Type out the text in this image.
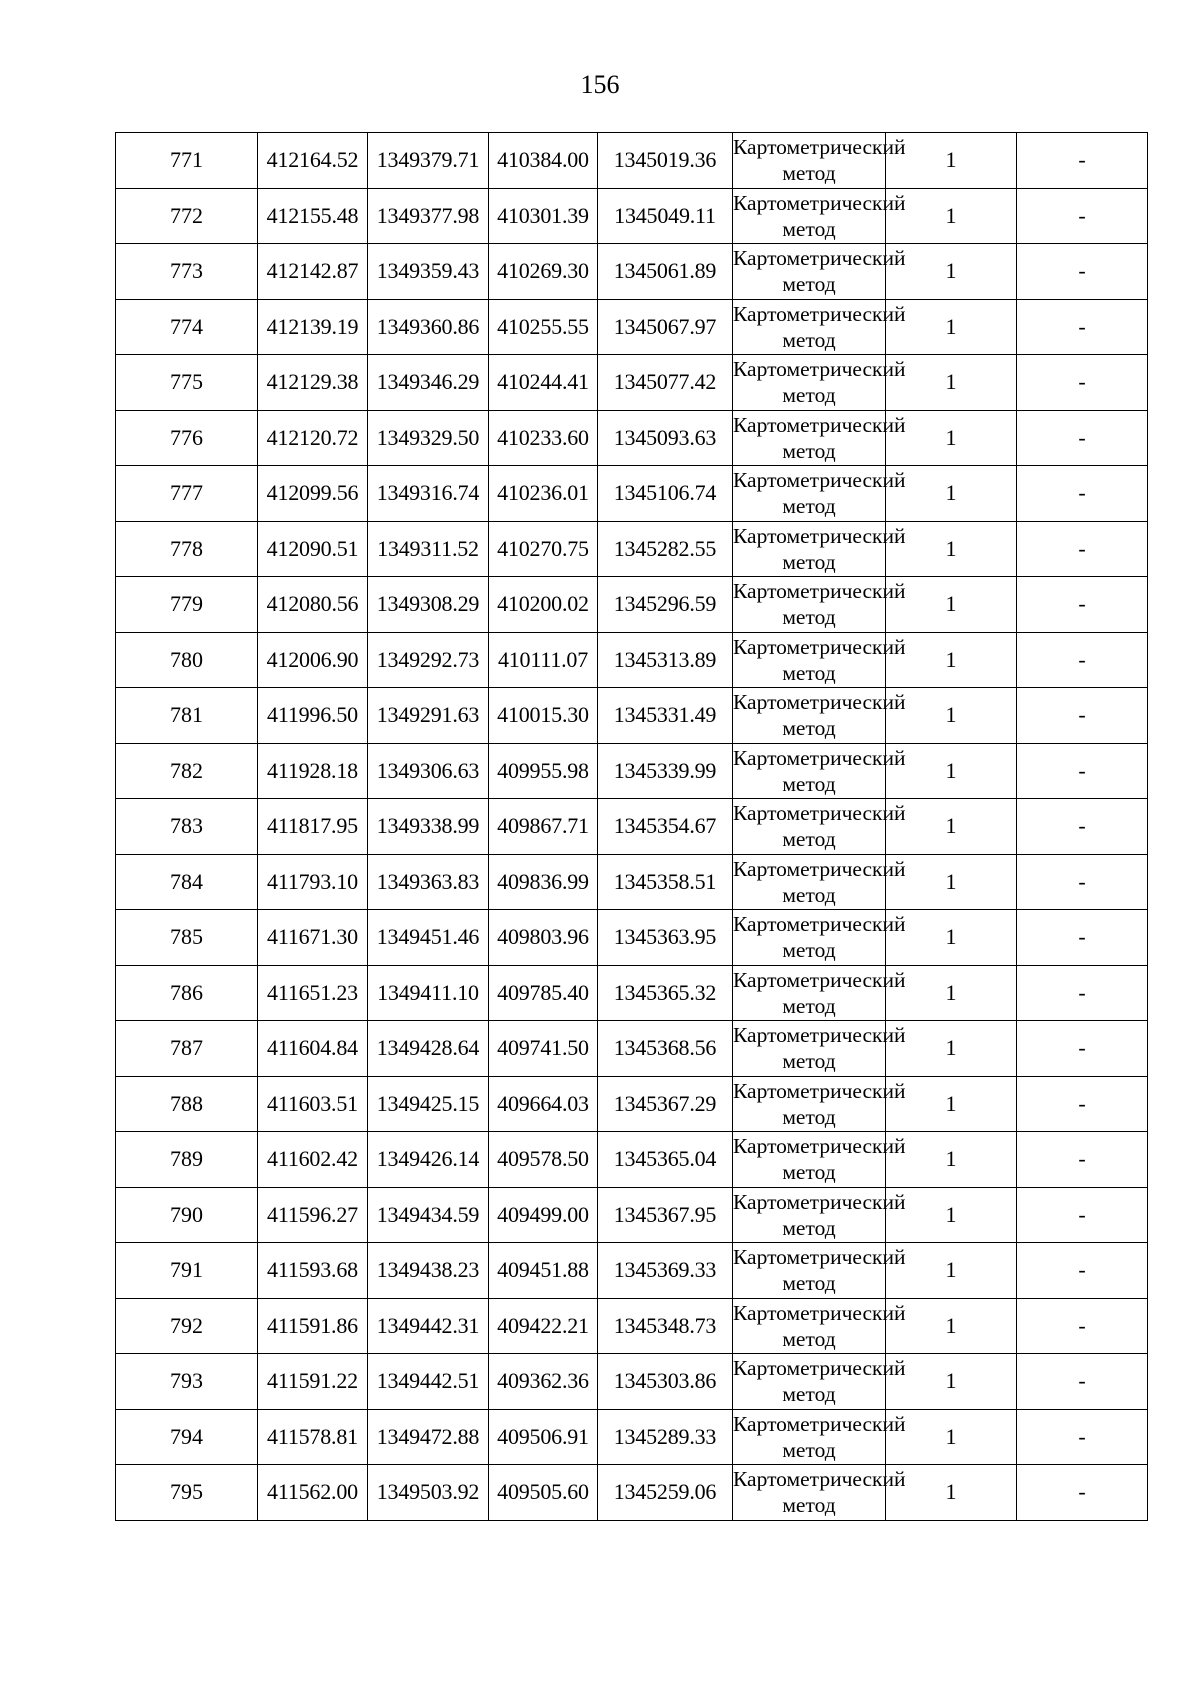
156
771	412164.52	1349379.71	410384.00	1345019.36	Картометрический метод	1	-
772	412155.48	1349377.98	410301.39	1345049.11	Картометрический метод	1	-
773	412142.87	1349359.43	410269.30	1345061.89	Картометрический метод	1	-
774	412139.19	1349360.86	410255.55	1345067.97	Картометрический метод	1	-
775	412129.38	1349346.29	410244.41	1345077.42	Картометрический метод	1	-
776	412120.72	1349329.50	410233.60	1345093.63	Картометрический метод	1	-
777	412099.56	1349316.74	410236.01	1345106.74	Картометрический метод	1	-
778	412090.51	1349311.52	410270.75	1345282.55	Картометрический метод	1	-
779	412080.56	1349308.29	410200.02	1345296.59	Картометрический метод	1	-
780	412006.90	1349292.73	410111.07	1345313.89	Картометрический метод	1	-
781	411996.50	1349291.63	410015.30	1345331.49	Картометрический метод	1	-
782	411928.18	1349306.63	409955.98	1345339.99	Картометрический метод	1	-
783	411817.95	1349338.99	409867.71	1345354.67	Картометрический метод	1	-
784	411793.10	1349363.83	409836.99	1345358.51	Картометрический метод	1	-
785	411671.30	1349451.46	409803.96	1345363.95	Картометрический метод	1	-
786	411651.23	1349411.10	409785.40	1345365.32	Картометрический метод	1	-
787	411604.84	1349428.64	409741.50	1345368.56	Картометрический метод	1	-
788	411603.51	1349425.15	409664.03	1345367.29	Картометрический метод	1	-
789	411602.42	1349426.14	409578.50	1345365.04	Картометрический метод	1	-
790	411596.27	1349434.59	409499.00	1345367.95	Картометрический метод	1	-
791	411593.68	1349438.23	409451.88	1345369.33	Картометрический метод	1	-
792	411591.86	1349442.31	409422.21	1345348.73	Картометрический метод	1	-
793	411591.22	1349442.51	409362.36	1345303.86	Картометрический метод	1	-
794	411578.81	1349472.88	409506.91	1345289.33	Картометрический метод	1	-
795	411562.00	1349503.92	409505.60	1345259.06	Картометрический метод	1	-
